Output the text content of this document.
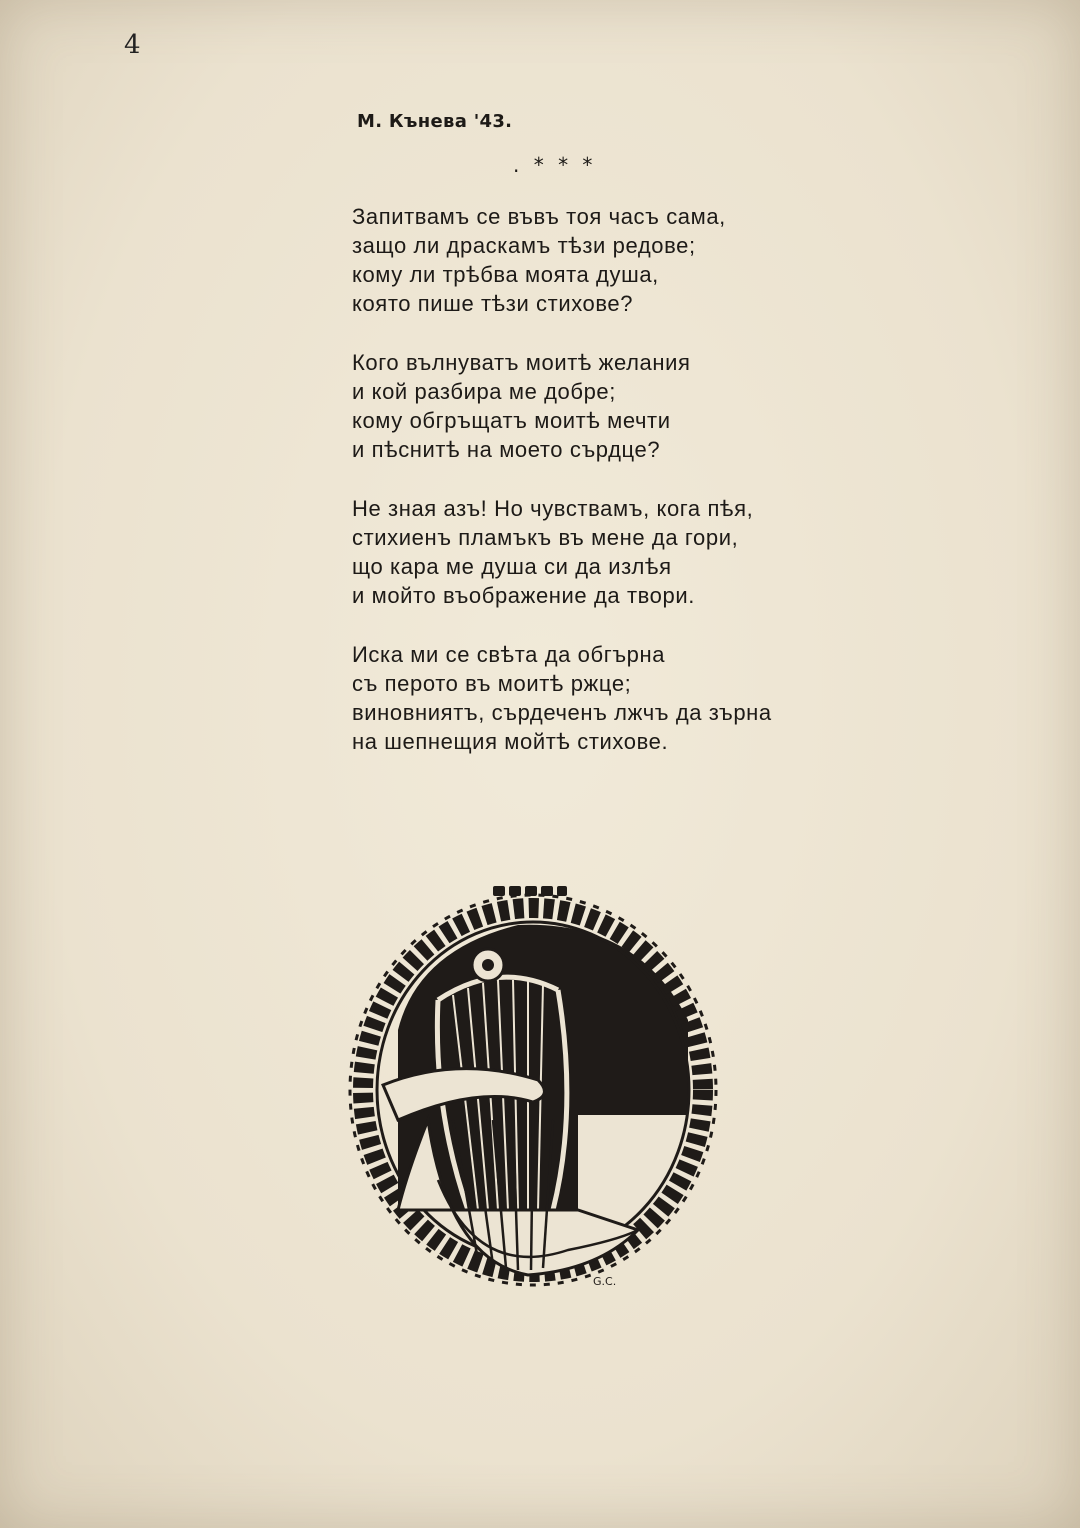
4
М. Кънева '43.
. * * *
Запитвамъ се въвъ тоя часъ сама,
защо ли драскамъ тѣзи редове;
кому ли трѣбва моята душа,
която пише тѣзи стихове?
Кого вълнуватъ моитѣ желания
и кой разбира ме добре;
кому обгръщатъ моитѣ мечти
и пѣснитѣ на моето сърдце?
Не зная азъ! Но чувствамъ, кога пѣя,
стихиенъ пламъкъ въ мене да гори,
що кара ме душа си да излѣя
и мойто въображение да твори.
Иска ми се свѣта да обгърна
съ перото въ моитѣ ржце;
виновниятъ, сърдеченъ лжчъ да зърна
на шепнещия мойтѣ стихове.
G.C.
